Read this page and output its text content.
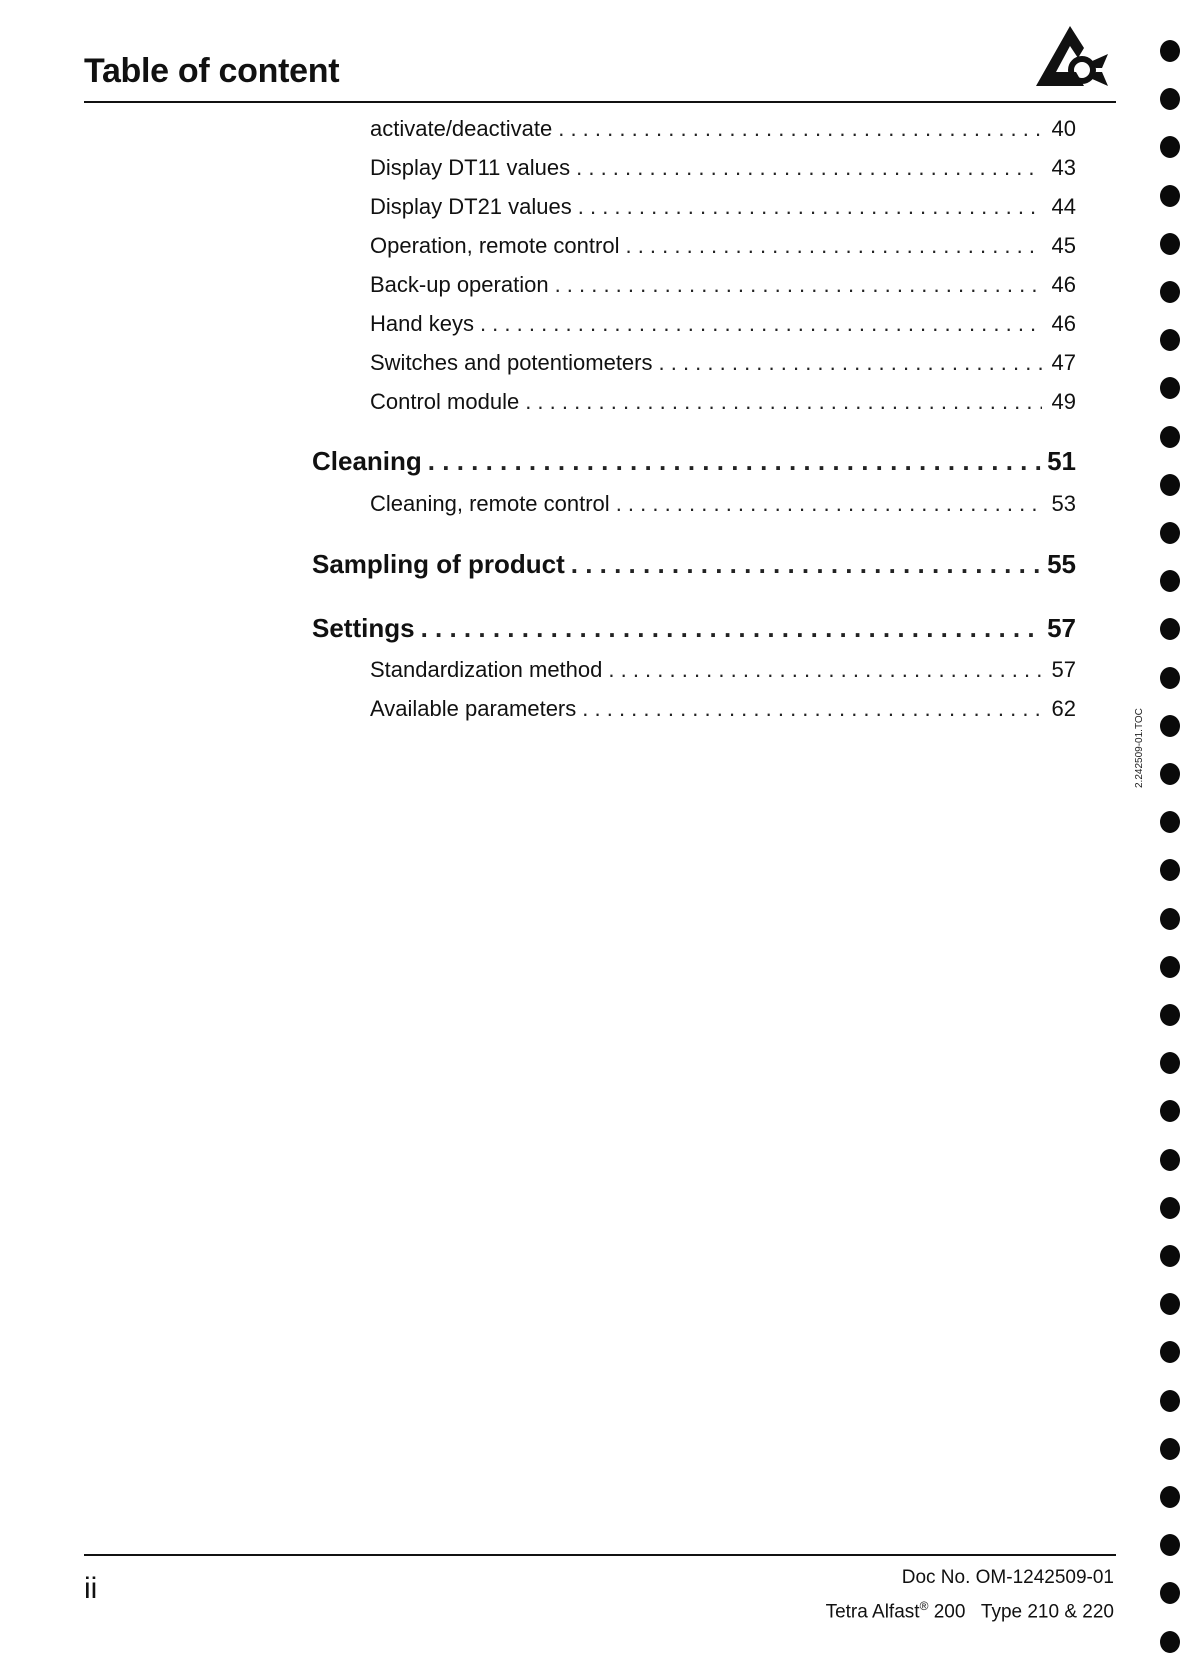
Table of content
activate/deactivate . . .	40
Display DT11 values . . .	43
Display DT21 values . . .	44
Operation, remote control . . .	45
Back-up operation . . .	46
Hand keys . . .	46
Switches and potentiometers . . .	47
Control module . . .	49
Cleaning . . .	51
Cleaning, remote control . . .	53
Sampling of product . . .	55
Settings . . .	57
Standardization method . . .	57
Available parameters . . .	62	2.242509-01.TOC
ii	Doc No. OM-1242509-01
Tetra Alfast® 200 Type 210 & 220
